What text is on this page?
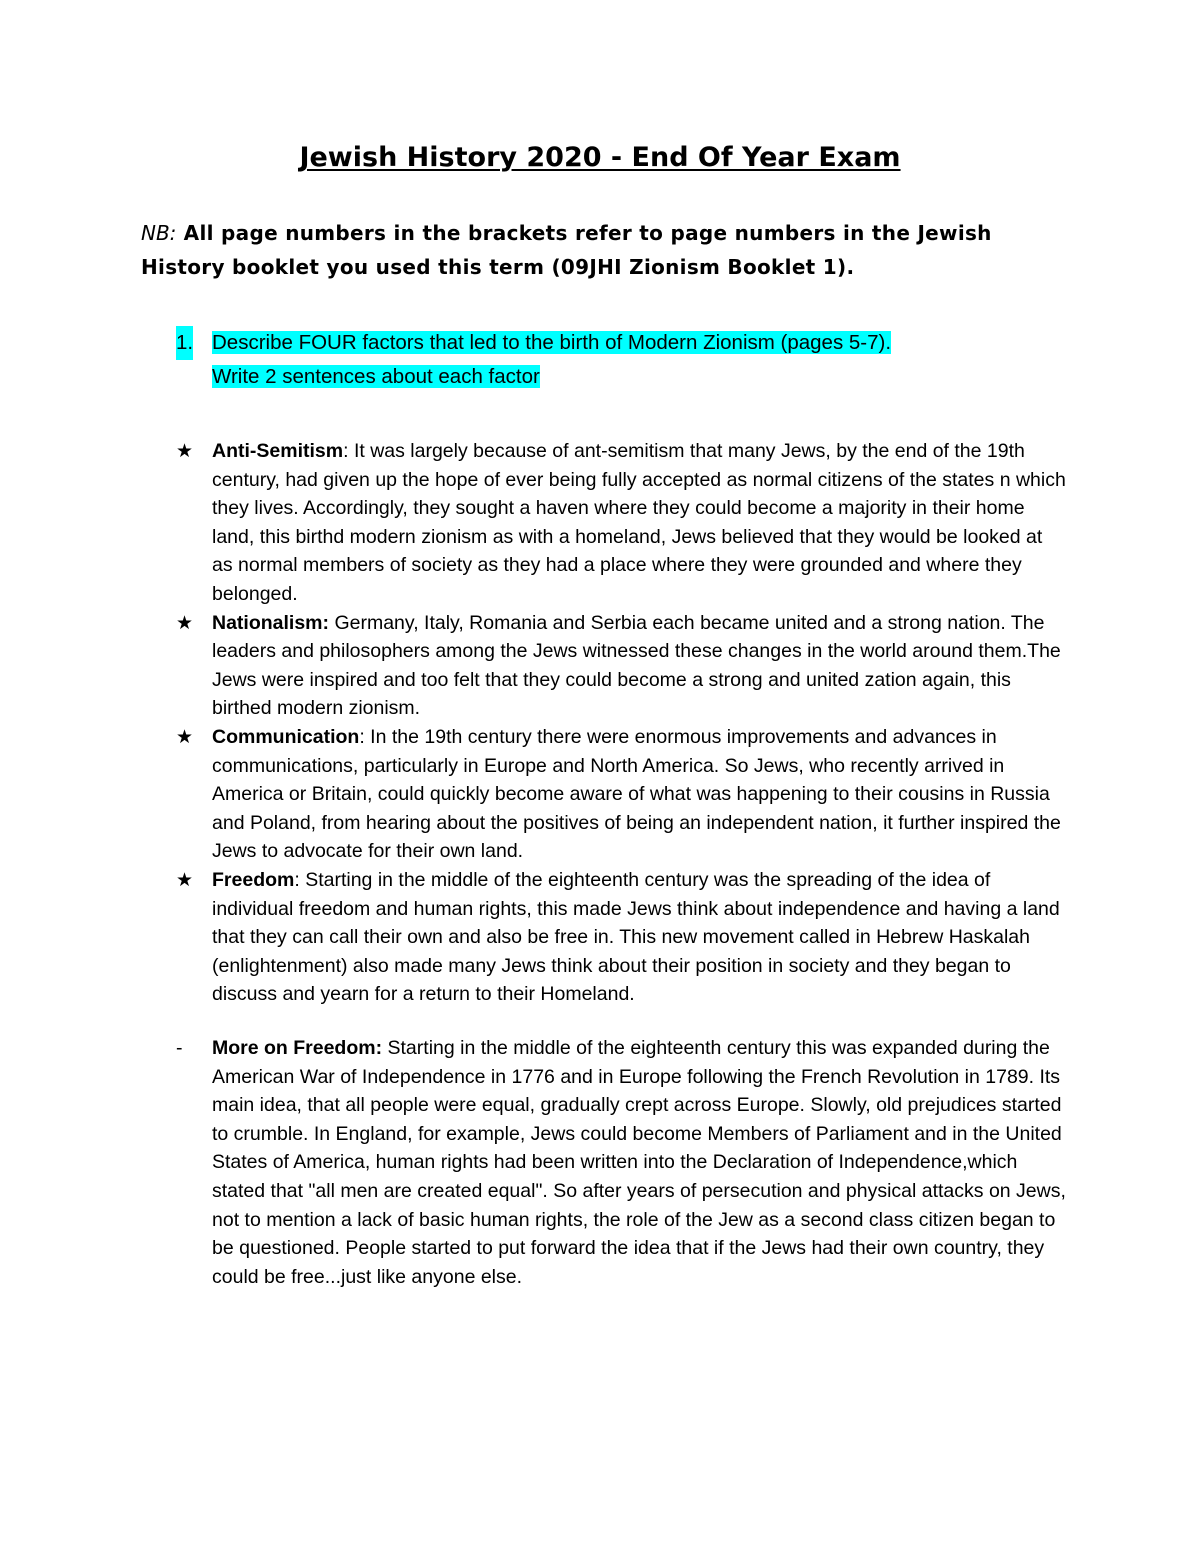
Jewish History 2020 - End Of Year Exam

NB: All page numbers in the brackets refer to page numbers in the Jewish History booklet you used this term (09JHI Zionism Booklet 1).

1. Describe FOUR factors that led to the birth of Modern Zionism (pages 5-7).
Write 2 sentences about each factor
★ Anti-Semitism: It was largely because of ant-semitism that many Jews, by the end of the 19th century, had given up the hope of ever being fully accepted as normal citizens of the states n which they lives. Accordingly, they sought a haven where they could become a majority in their home land, this birthd modern zionism as with a homeland, Jews believed that they would be looked at as normal members of society as they had a place where they were grounded and where they belonged.
★ Nationalism: Germany, Italy, Romania and Serbia each became united and a strong nation. The leaders and philosophers among the Jews witnessed these changes in the world around them.The Jews were inspired and too felt that they could become a strong and united zation again, this birthed modern zionism.
★ Communication: In the 19th century there were enormous improvements and advances in communications, particularly in Europe and North America. So Jews, who recently arrived in America or Britain, could quickly become aware of what was happening to their cousins in Russia and Poland, from hearing about the positives of being an independent nation, it further inspired the Jews to advocate for their own land.
★ Freedom: Starting in the middle of the eighteenth century was the spreading of the idea of individual freedom and human rights, this made Jews think about independence and having a land that they can call their own and also be free in. This new movement called in Hebrew Haskalah (enlightenment) also made many Jews think about their position in society and they began to discuss and yearn for a return to their Homeland.
- More on Freedom: Starting in the middle of the eighteenth century this was expanded during the American War of Independence in 1776 and in Europe following the French Revolution in 1789. Its main idea, that all people were equal, gradually crept across Europe. Slowly, old prejudices started to crumble. In England, for example, Jews could become Members of Parliament and in the United States of America, human rights had been written into the Declaration of Independence,which stated that "all men are created equal". So after years of persecution and physical attacks on Jews, not to mention a lack of basic human rights, the role of the Jew as a second class citizen began to be questioned. People started to put forward the idea that if the Jews had their own country, they could be free...just like anyone else.
